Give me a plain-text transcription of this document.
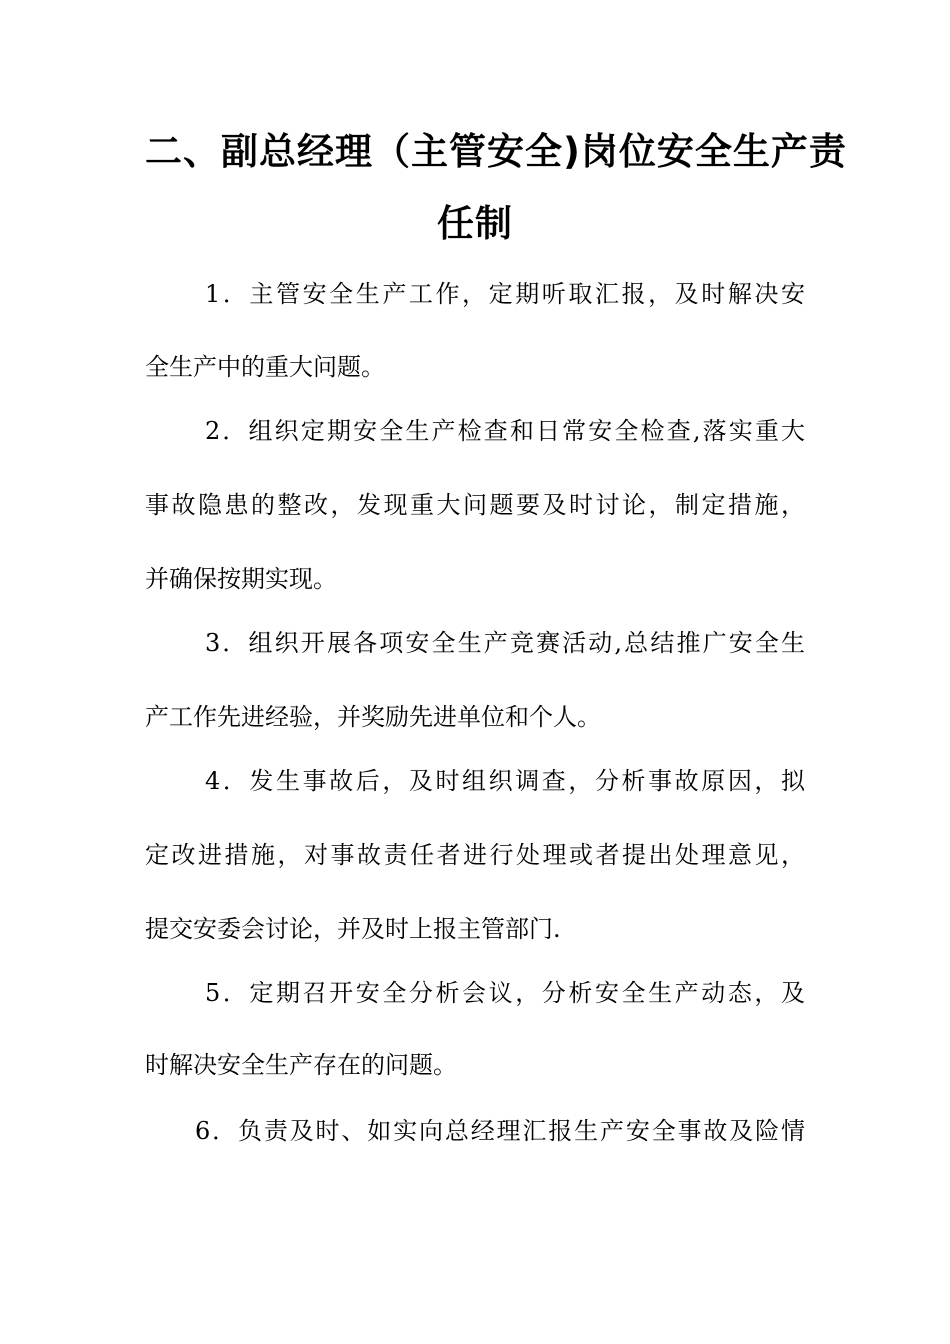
二、副总经理（主管安全)岗位安全生产责
任制
1．主管安全生产工作，定期听取汇报，及时解决安
全生产中的重大问题。
2．组织定期安全生产检查和日常安全检查,落实重大
事故隐患的整改，发现重大问题要及时讨论，制定措施，
并确保按期实现。
3．组织开展各项安全生产竞赛活动,总结推广安全生
产工作先进经验，并奖励先进单位和个人。
4．发生事故后，及时组织调查，分析事故原因，拟
定改进措施，对事故责任者进行处理或者提出处理意见，
提交安委会讨论，并及时上报主管部门.
5．定期召开安全分析会议，分析安全生产动态，及
时解决安全生产存在的问题。
6．负责及时、如实向总经理汇报生产安全事故及险情
